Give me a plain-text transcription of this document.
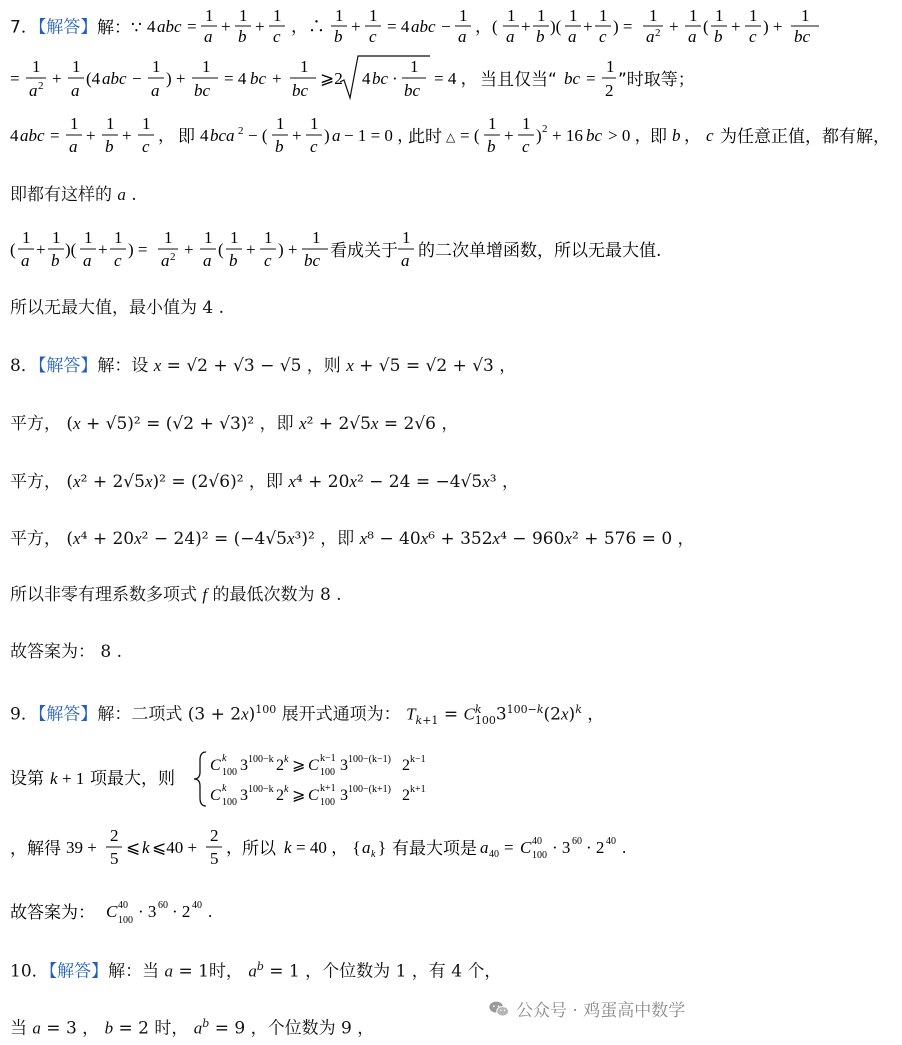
7．【解答】 解：∵ 4 abc =
1
a
+
1
b
+
1
c
，∴
1
b
+
1
c
= 4 abc −
1
a
，(
1
a
+
1
b
)(
1
a
+
1
c
) =
1
a 2 +
1
a
(
1
b
+
1
c
) +
1
bc
=
1
a 2 +
1
a
(4 abc −
1
a
) +
1
bc
= 4 bc +
1
bc
⩾2 4 bc ·
1
bc
= 4 ， 当且仅当“ bc =
1
2
”时取等；
4 abc =
1
a
+
1
b
+
1
c
， 即 4 bca 2 − (
1
b
+
1
c
) a − 1 = 0 ，
此时 △ = (
1
b
+
1
c
) 2 + 16 bc > 0 ，
即 b ， c 为任意正值，都有解，
即都有这样的 a .
(
1
a
+
1
b
)(
1
a
+
1
c
) =
1
a 2 +
1
a
(
1
b
+
1
c
) +
1
bc 看成关于
1
a 的二次单增函数，所以无最大值.
所以无最大值，最小值为 4 .
8．【解答】解：设 x = √2 + √3 − √5 ，则 x + √5 = √2 + √3 ，
平方， (x + √5)² = (√2 + √3)² ，即 x² + 2√5x = 2√6 ，
平方， (x² + 2√5x)² = (2√6)² ，即 x⁴ + 20x² − 24 = −4√5x³ ，
平方， (x⁴ + 20x² − 24)² = (−4√5x³)² ，即 x⁸ − 40x⁶ + 352x⁴ − 960x² + 576 = 0 ，
所以非零有理系数多项式 f 的最低次数为 8 .
故答案为： 8 .
9．【解答】解：二项式 $(3 + 2x)^{100}$ 展开式通项为： $T_{k+1} = C$ k
100 $3^{100-k}(2x)^k$ ，
设第 k + 1 项最大，则
C k
100 3 100−k 2 k ⩾ C k−1
100 3 100−(k−1) 2 k−1
C k
100 3 100−k 2 k ⩾ C k+1
100 3 100−(k+1) 2 k+1
，解得 39 +
2
5
⩽ k ⩽40 +
2
5
， 所以 k = 40 ， { a k } 有最大项是 a 40 = C 40
100 · 3 60 · 2 40 .
故答案为： C 40
100 · 3 60 · 2 40 .
10．【解答】解：当 a = 1时， $a^b = 1$ ，个位数为 1 ，有 4 个，
当 a = 3 ， b = 2 时， $a^b = 9$ ，个位数为 9 ，
公众号 · 鸡蛋高中数学
